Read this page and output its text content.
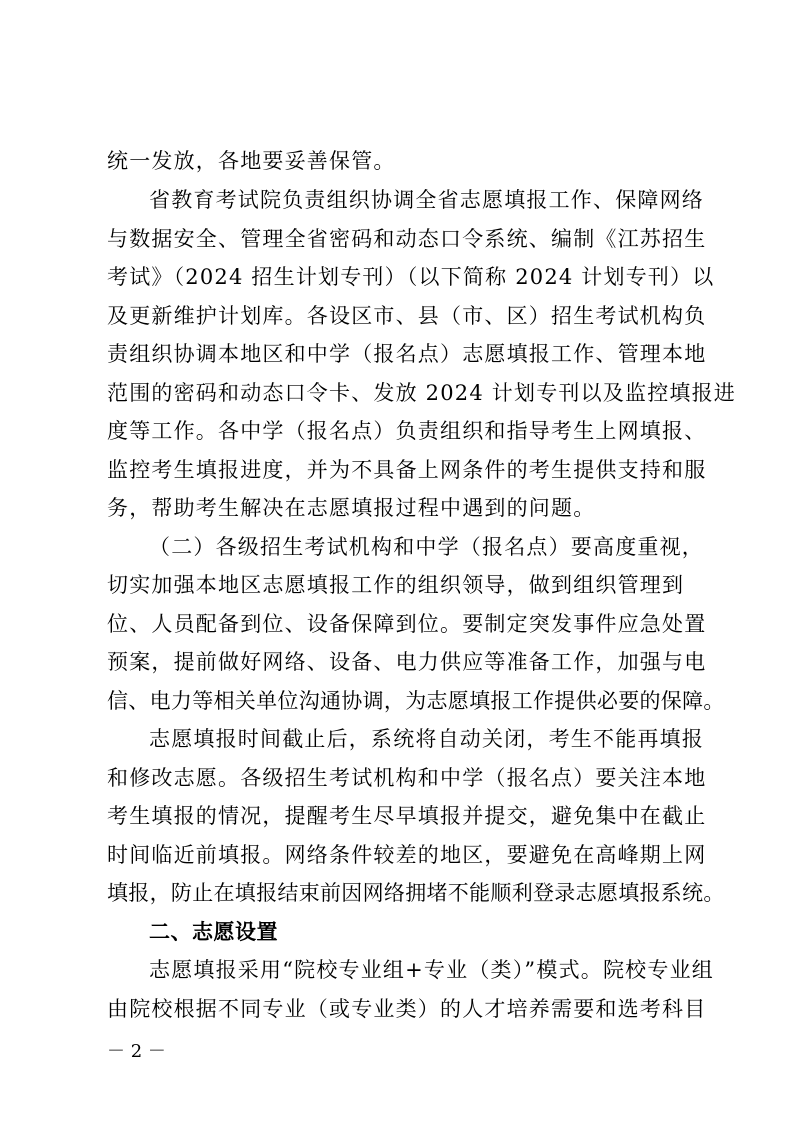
统一发放，各地要妥善保管。
省教育考试院负责组织协调全省志愿填报工作、保障网络
与数据安全、管理全省密码和动态口令系统、编制《江苏招生
考试》（2024 招生计划专刊）（以下简称 2024 计划专刊）以
及更新维护计划库。各设区市、县（市、区）招生考试机构负
责组织协调本地区和中学（报名点）志愿填报工作、管理本地
范围的密码和动态口令卡、发放 2024 计划专刊以及监控填报进
度等工作。各中学（报名点）负责组织和指导考生上网填报、
监控考生填报进度，并为不具备上网条件的考生提供支持和服
务，帮助考生解决在志愿填报过程中遇到的问题。
（二）各级招生考试机构和中学（报名点）要高度重视，
切实加强本地区志愿填报工作的组织领导，做到组织管理到
位、人员配备到位、设备保障到位。要制定突发事件应急处置
预案，提前做好网络、设备、电力供应等准备工作，加强与电
信、电力等相关单位沟通协调，为志愿填报工作提供必要的保障。
志愿填报时间截止后，系统将自动关闭，考生不能再填报
和修改志愿。各级招生考试机构和中学（报名点）要关注本地
考生填报的情况，提醒考生尽早填报并提交，避免集中在截止
时间临近前填报。网络条件较差的地区，要避免在高峰期上网
填报，防止在填报结束前因网络拥堵不能顺利登录志愿填报系统。
二、志愿设置
志愿填报采用“院校专业组+专业（类）”模式。院校专业组
由院校根据不同专业（或专业类）的人才培养需要和选考科目
－ 2 －
